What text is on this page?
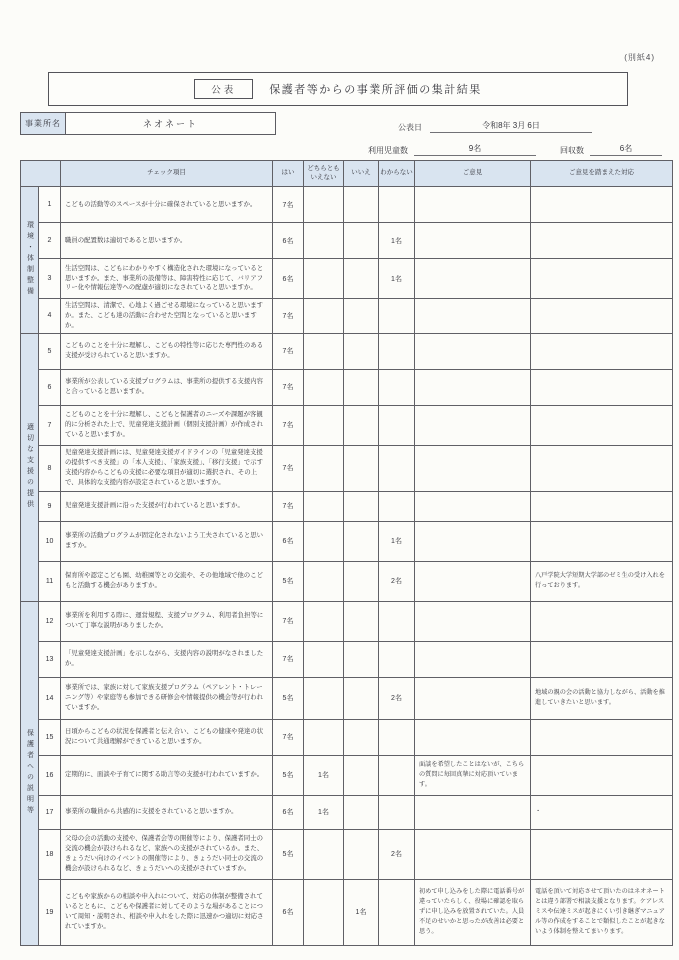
(別紙4)
公表	保護者等からの事業所評価の集計結果
事業所名	ネオネート	公表日	令和8年 3月 6日
利用児童数	9名	回収数	6名
		チェック項目	はい	どちらとも いえない	いいえ	わからない	ご意見	ご意見を踏まえた対応
環境・体制整備	1	こどもの活動等のスペースが十分に確保されていると思いますか。	7名					
	2	職員の配置数は適切であると思いますか。	6名			1名		
	3	生活空間は、こどもにわかりやすく構造化された環境になっていると思いますか。また、事業所の設備等は、障害特性に応じて、バリアフリー化や情報伝達等への配慮が適切になされていると思いますか。	6名			1名		
	4	生活空間は、清潔で、心地よく過ごせる環境になっていると思いますか。また、こども達の活動に合わせた空間となっていると思いますか。	7名					
適切な支援の提供	5	こどものことを十分に理解し、こどもの特性等に応じた専門性のある支援が受けられていると思いますか。	7名					
	6	事業所が公表している支援プログラムは、事業所の提供する支援内容と合っていると思いますか。	7名					
	7	こどものことを十分に理解し、こどもと保護者のニーズや課題が客観的に分析された上で、児童発達支援計画（個別支援計画）が作成されていると思いますか。	7名					
	8	児童発達支援計画には、児童発達支援ガイドラインの「児童発達支援の提供すべき支援」の「本人支援」、「家族支援」、「移行支援」で示す支援内容からこどもの支援に必要な項目が適切に選択され、その上で、具体的な支援内容が設定されていると思いますか。	7名					
	9	児童発達支援計画に沿った支援が行われていると思いますか。	7名					
	10	事業所の活動プログラムが固定化されないよう工夫されていると思いますか。	6名			1名		
	11	保育所や認定こども園、幼稚園等との交流や、その他地域で他のこどもと活動する機会がありますか。	5名			2名		八戸学院大学短期大学部のゼミ生の受け入れを行っております。
保護者への説明等	12	事業所を利用する際に、運営規程、支援プログラム、利用者負担等について丁寧な説明がありましたか。	7名					
	13	「児童発達支援計画」を示しながら、支援内容の説明がなされましたか。	7名					
	14	事業所では、家族に対して家族支援プログラム（ペアレント・トレーニング等）や家庭等も参加できる研修会や情報提供の機会等が行われていますか。	5名			2名		地域の親の会の活動と協力しながら、活動を推進していきたいと思います。
	15	日頃からこどもの状況を保護者と伝え合い、こどもの健康や発達の状況について共通理解ができていると思いますか。	7名					
	16	定期的に、面談や子育てに関する助言等の支援が行われていますか。	5名	1名			面談を希望したことはないが、こちらの質問に毎回真摯に対応頂いています。	
	17	事業所の職員から共感的に支援をされていると思いますか。	6名	1名				・
	18	父母の会の活動の支援や、保護者会等の開催等により、保護者同士の交流の機会が設けられるなど、家族への支援がされているか。また、きょうだい向けのイベントの開催等により、きょうだい同士の交流の機会が設けられるなど、きょうだいへの支援がされていますか。	5名			2名		
	19	こどもや家族からの相談や申入れについて、対応の体制が整備されているとともに、こどもや保護者に対してそのような場があることについて周知・説明され、相談や申入れをした際に迅速かつ適切に対応されていますか。	6名		1名		初めて申し込みをした際に電話番号が違っていたらしく、役場に確認を取らずに申し込みを放置されていた。人員不足のせいかと思ったが改善は必要と思う。	電話を頂いて対応させて頂いたのはネオネートとは違う部署で相談支援となります。ケアレスミスや伝達ミスが起きにくい引き継ぎマニュアル等の作成をすることで類似したことが起きないよう体制を整えてまいります。
